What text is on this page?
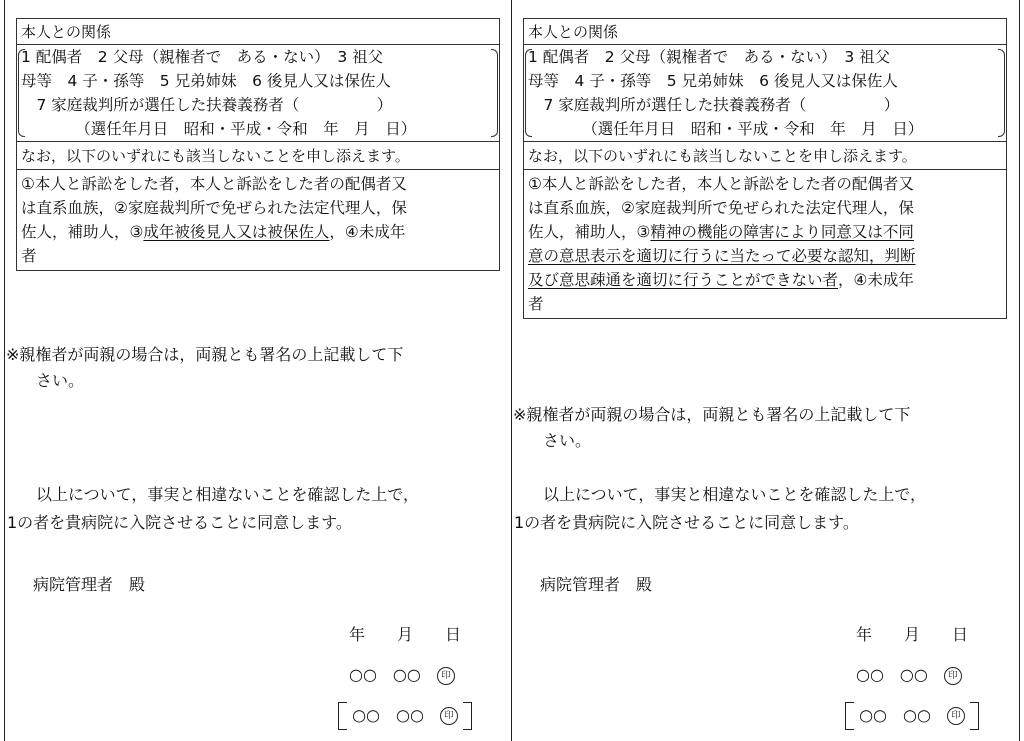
本人との関係
1 配偶者　2 父母（親権者で　ある・ない）　3 祖父
母等　4 子・孫等　5 兄弟姉妹　6 後見人又は保佐人
　7 家庭裁判所が選任した扶養義務者（　　　　　）
　　　　（選任年月日　昭和・平成・令和　年　月　日）
なお，以下のいずれにも該当しないことを申し添えます。
①本人と訴訟をした者，本人と訴訟をした者の配偶者又
は直系血族，②家庭裁判所で免ぜられた法定代理人，保
佐人，補助人，③成年被後見人又は被保佐人，④未成年
者
※親権者が両親の場合は，両親とも署名の上記載して下
さい。
以上について，事実と相違ないことを確認した上で，
1の者を貴病院に入院させることに同意します。
病院管理者　殿
年　　月　　日
○○　○○　 印
○○　○○　 印
本人との関係
1 配偶者　2 父母（親権者で　ある・ない）　3 祖父
母等　4 子・孫等　5 兄弟姉妹　6 後見人又は保佐人
　7 家庭裁判所が選任した扶養義務者（　　　　　）
　　　　（選任年月日　昭和・平成・令和　年　月　日）
なお，以下のいずれにも該当しないことを申し添えます。
①本人と訴訟をした者，本人と訴訟をした者の配偶者又
は直系血族，②家庭裁判所で免ぜられた法定代理人，保
佐人，補助人，③精神の機能の障害により同意又は不同
意の意思表示を適切に行うに当たって必要な認知，判断
及び意思疎通を適切に行うことができない者，④未成年
者
※親権者が両親の場合は，両親とも署名の上記載して下
さい。
以上について，事実と相違ないことを確認した上で，
1の者を貴病院に入院させることに同意します。
病院管理者　殿
年　　月　　日
○○　○○　 印
○○　○○　 印
